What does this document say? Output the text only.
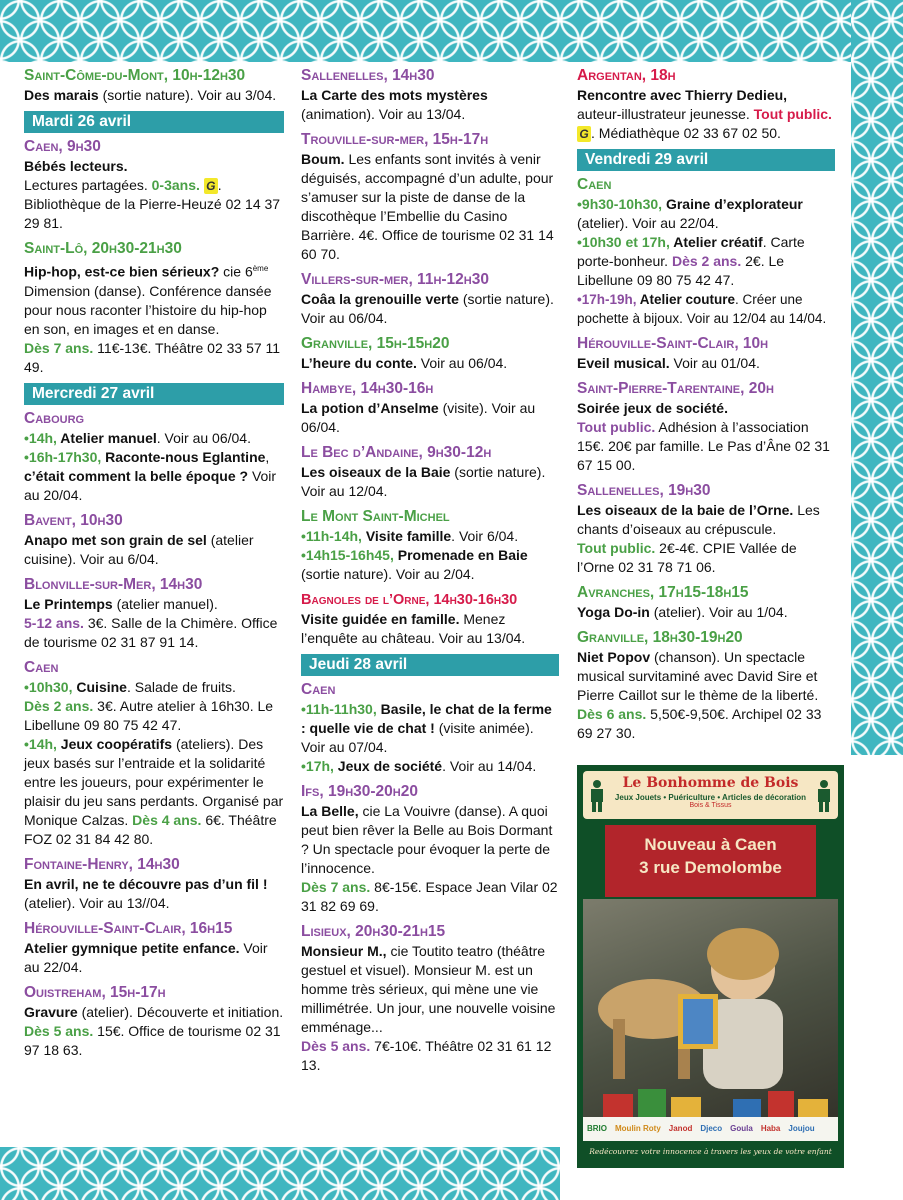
Saint-Côme-du-Mont, 10h-12h30
Des marais (sortie nature). Voir au 3/04.
Mardi 26 avril
Caen, 9h30
Bébés lecteurs.
Lectures partagées. 0-3ans. G . Bibliothèque de la Pierre-Heuzé 02 14 37 29 81.
Saint-Lô, 20h30-21h30
Hip-hop, est-ce bien sérieux? cie 6ème Dimension (danse). Conférence dansée pour nous raconter l’histoire du hip-hop en son, en images et en danse.
Dès 7 ans. 11€-13€. Théâtre 02 33 57 11 49.
Mercredi 27 avril
Cabourg
•14h, Atelier manuel. Voir au 06/04.
•16h-17h30, Raconte-nous Eglantine, c’était comment la belle époque ? Voir au 20/04.
Bavent, 10h30
Anapo met son grain de sel (atelier cuisine). Voir au 6/04.
Blonville-sur-Mer, 14h30
Le Printemps (atelier manuel).
5-12 ans. 3€. Salle de la Chimère. Office de tourisme 02 31 87 91 14.
Caen
•10h30, Cuisine. Salade de fruits.
Dès 2 ans. 3€. Autre atelier à 16h30. Le Libellune 09 80 75 42 47.
•14h, Jeux coopératifs (ateliers). Des jeux basés sur l’entraide et la solidarité entre les joueurs, pour expérimenter le plaisir du jeu sans perdants. Organisé par Monique Calzas. Dès 4 ans. 6€. Théâtre FOZ 02 31 84 42 80.
Fontaine-Henry, 14h30
En avril, ne te découvre pas d’un fil ! (atelier). Voir au 13//04.
Hérouville-Saint-Clair, 16h15
Atelier gymnique petite enfance. Voir au 22/04.
Ouistreham, 15h-17h
Gravure (atelier). Découverte et initiation.
Dès 5 ans. 15€. Office de tourisme 02 31 97 18 63.
Sallenelles, 14h30
La Carte des mots mystères (animation). Voir au 13/04.
Trouville-sur-mer, 15h-17h
Boum. Les enfants sont invités à venir déguisés, accompagné d’un adulte, pour s’amuser sur la piste de danse de la discothèque l’Embellie du Casino Barrière. 4€. Office de tourisme 02 31 14 60 70.
Villers-sur-mer, 11h-12h30
Coâa la grenouille verte (sortie nature). Voir au 06/04.
Granville, 15h-15h20
L’heure du conte. Voir au 06/04.
Hambye, 14h30-16h
La potion d’Anselme (visite). Voir au 06/04.
Le Bec d’Andaine, 9h30-12h
Les oiseaux de la Baie (sortie nature). Voir au 12/04.
Le Mont Saint-Michel
•11h-14h, Visite famille. Voir 6/04.
•14h15-16h45, Promenade en Baie (sortie nature). Voir au 2/04.
Bagnoles de l’Orne, 14h30-16h30
Visite guidée en famille. Menez l’enquête au château. Voir au 13/04.
Jeudi 28 avril
Caen
•11h-11h30, Basile, le chat de la ferme : quelle vie de chat ! (visite animée). Voir au 07/04.
•17h, Jeux de société. Voir au 14/04.
Ifs, 19h30-20h20
La Belle, cie La Vouivre (danse). A quoi peut bien rêver la Belle au Bois Dormant ? Un spectacle pour évoquer la perte de l’innocence.
Dès 7 ans. 8€-15€. Espace Jean Vilar 02 31 82 69 69.
Lisieux, 20h30-21h15
Monsieur M., cie Toutito teatro (théâtre gestuel et visuel). Monsieur M. est un homme très sérieux, qui mène une vie millimétrée. Un jour, une nouvelle voisine emménage...
Dès 5 ans. 7€-10€. Théâtre 02 31 61 12 13.
Argentan, 18h
Rencontre avec Thierry Dedieu, auteur-illustrateur jeunesse. Tout public. G . Médiathèque 02 33 67 02 50.
Vendredi 29 avril
Caen
•9h30-10h30, Graine d’explorateur (atelier). Voir au 22/04.
•10h30 et 17h, Atelier créatif. Carte porte-bonheur. Dès 2 ans. 2€. Le Libellune 09 80 75 42 47.
•17h-19h, Atelier couture. Créer une pochette à bijoux. Voir au 12/04 au 14/04.
Hérouville-Saint-Clair, 10h
Eveil musical. Voir au 01/04.
Saint-Pierre-Tarentaine, 20h
Soirée jeux de société.
Tout public. Adhésion à l’association 15€. 20€ par famille. Le Pas d’Âne 02 31 67 15 00.
Sallenelles, 19h30
Les oiseaux de la baie de l’Orne. Les chants d’oiseaux au crépuscule.
Tout public. 2€-4€. CPIE Vallée de l’Orne 02 31 78 71 06.
Avranches, 17h15-18h15
Yoga Do-in (atelier). Voir au 1/04.
Granville, 18h30-19h20
Niet Popov (chanson). Un spectacle musical survitaminé avec David Sire et Pierre Caillot sur le thème de la liberté. Dès 6 ans. 5,50€-9,50€. Archipel 02 33 69 27 30.
Le Bonhomme de Bois
Jeux Jouets • Puériculture • Articles de décoration
Bois & Tissus
Nouveau à Caen
3 rue Demolombe
BRIO Moulin Roty Janod Djeco Goula Haba Joujou
Redécouvrez votre innocence à travers les yeux de votre enfant
